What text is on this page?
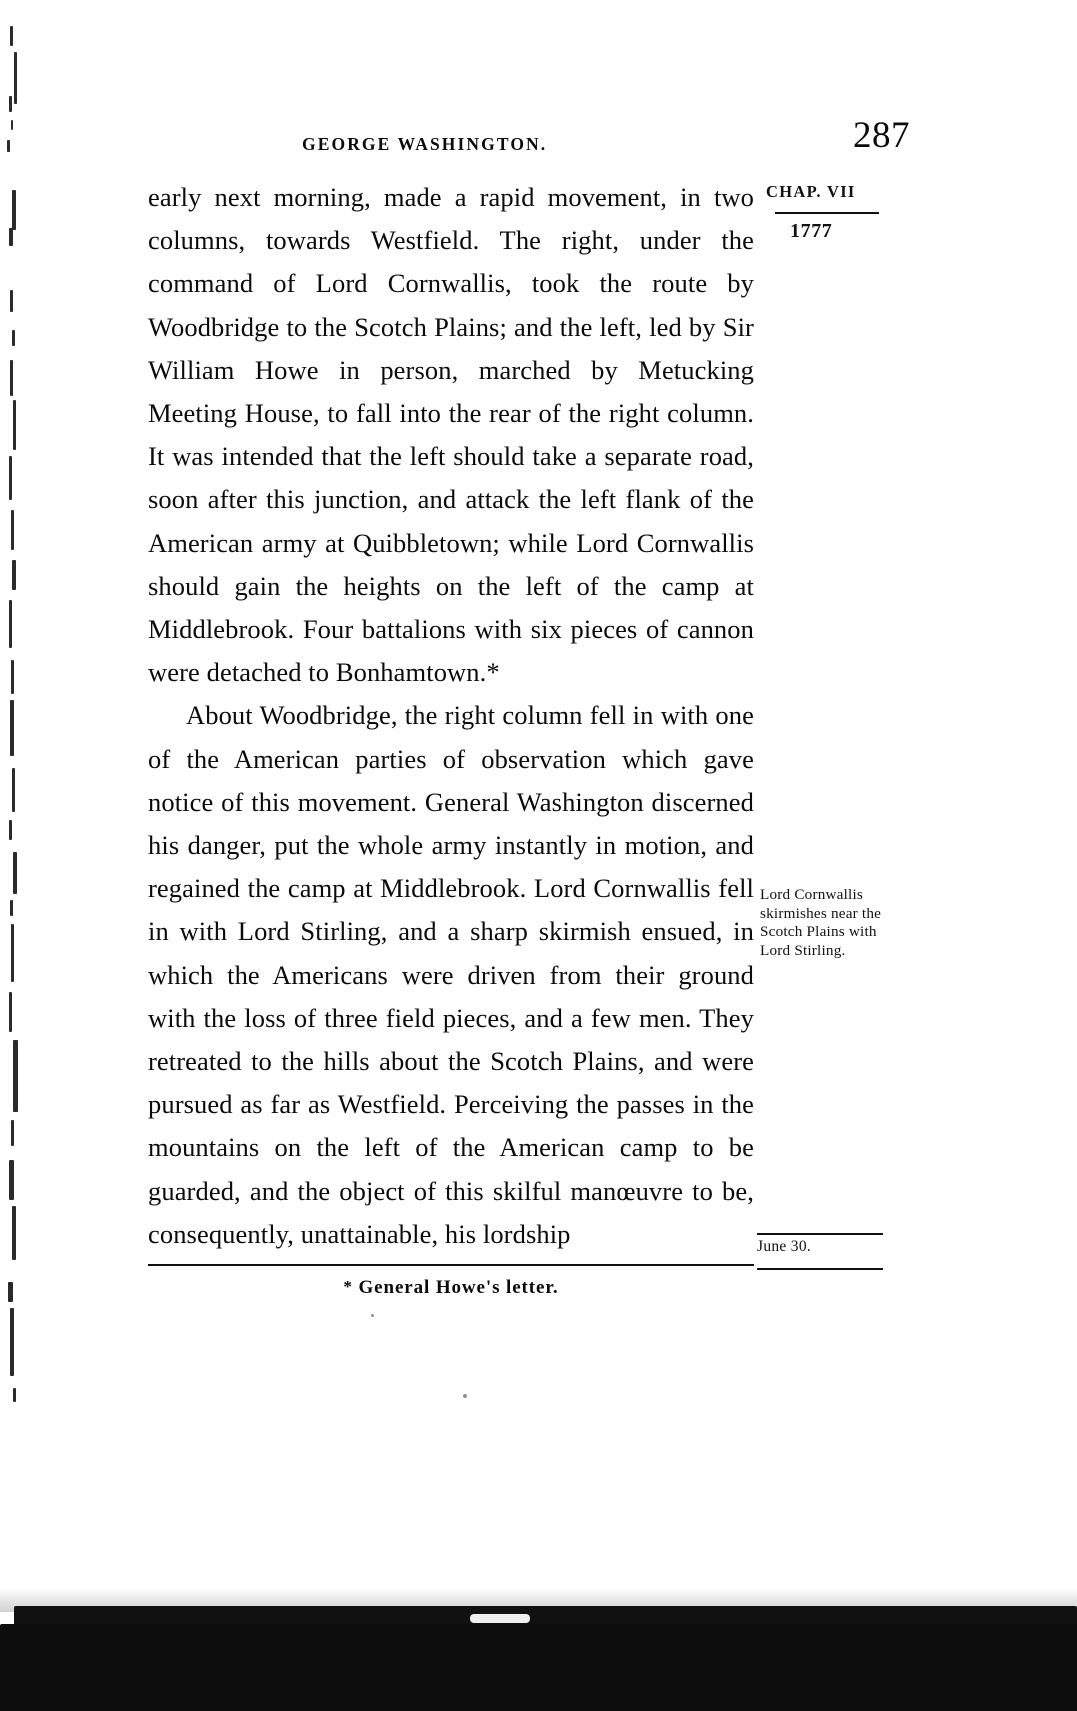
GEORGE WASHINGTON.	287
CHAP. VII
1777
Lord Cornwallis skirmishes near the Scotch Plains with Lord Stirling.
June 30.

early next morning, made a rapid movement, in two columns, towards Westfield. The right, under the command of Lord Cornwallis, took the route by Woodbridge to the Scotch Plains; and the left, led by Sir William Howe in person, marched by Metucking Meeting House, to fall into the rear of the right column. It was intended that the left should take a separate road, soon after this junction, and attack the left flank of the American army at Quibbletown; while Lord Cornwallis should gain the heights on the left of the camp at Middlebrook. Four battalions with six pieces of cannon were detached to Bonhamtown.*

About Woodbridge, the right column fell in with one of the American parties of observation which gave notice of this movement. General Washington discerned his danger, put the whole army instantly in motion, and regained the camp at Middlebrook. Lord Cornwallis fell in with Lord Stirling, and a sharp skirmish ensued, in which the Americans were driven from their ground with the loss of three field pieces, and a few men. They retreated to the hills about the Scotch Plains, and were pursued as far as Westfield. Perceiving the passes in the mountains on the left of the American camp to be guarded, and the object of this skilful manœuvre to be, consequently, unattainable, his lordship

* General Howe's letter.
